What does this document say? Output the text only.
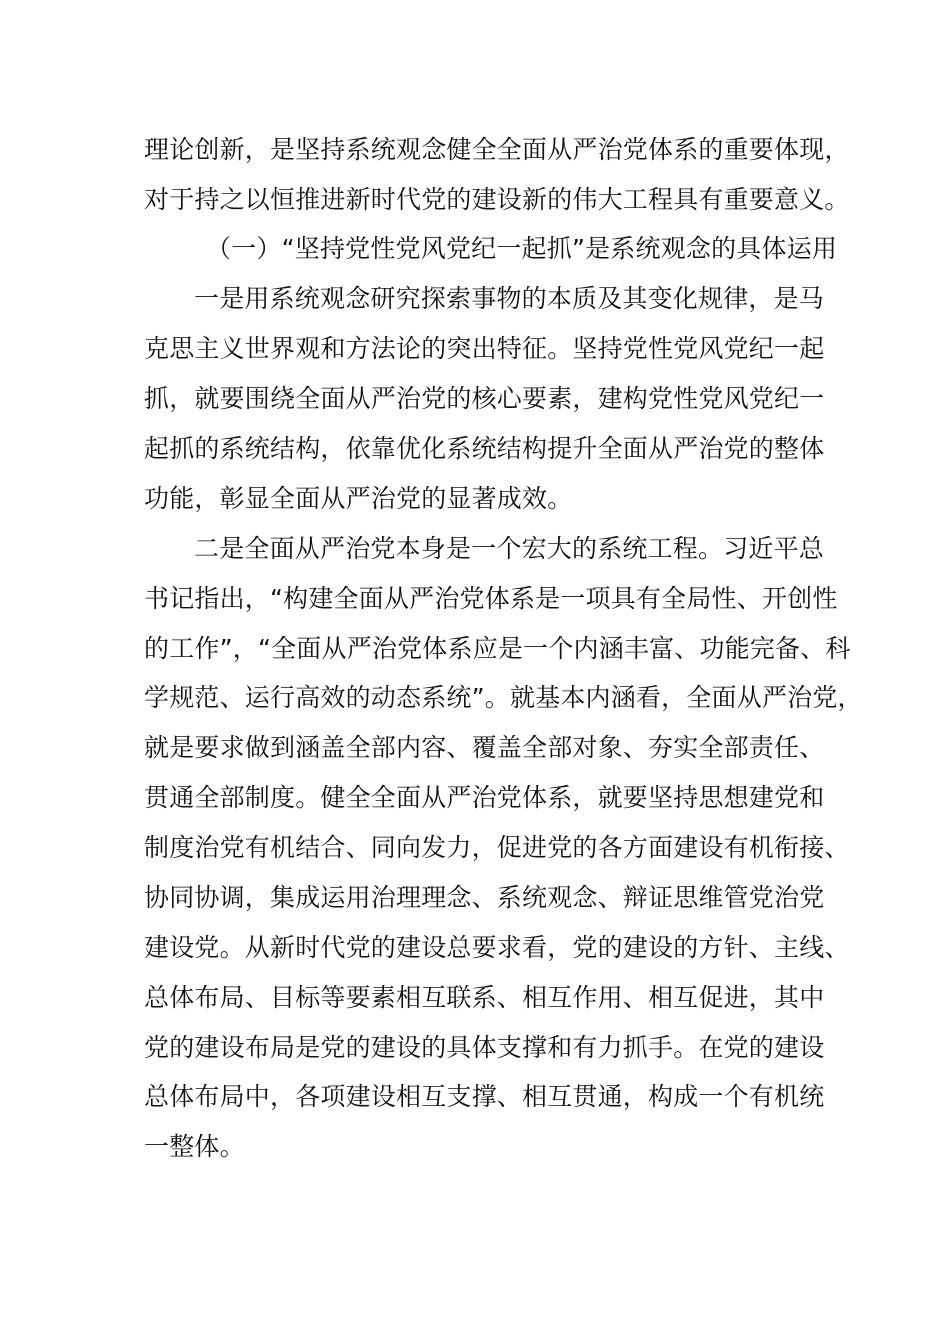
理论创新，是坚持系统观念健全全面从严治党体系的重要体现，

对于持之以恒推进新时代党的建设新的伟大工程具有重要意义。

（一）“坚持党性党风党纪一起抓”是系统观念的具体运用

一是用系统观念研究探索事物的本质及其变化规律，是马

克思主义世界观和方法论的突出特征。坚持党性党风党纪一起

抓，就要围绕全面从严治党的核心要素，建构党性党风党纪一

起抓的系统结构，依靠优化系统结构提升全面从严治党的整体

功能，彰显全面从严治党的显著成效。

二是全面从严治党本身是一个宏大的系统工程。习近平总

书记指出，“构建全面从严治党体系是一项具有全局性、开创性

的工作”，“全面从严治党体系应是一个内涵丰富、功能完备、科

学规范、运行高效的动态系统”。就基本内涵看，全面从严治党，

就是要求做到涵盖全部内容、覆盖全部对象、夯实全部责任、

贯通全部制度。健全全面从严治党体系，就要坚持思想建党和

制度治党有机结合、同向发力，促进党的各方面建设有机衔接、

协同协调，集成运用治理理念、系统观念、辩证思维管党治党

建设党。从新时代党的建设总要求看，党的建设的方针、主线、

总体布局、目标等要素相互联系、相互作用、相互促进，其中

党的建设布局是党的建设的具体支撑和有力抓手。在党的建设

总体布局中，各项建设相互支撑、相互贯通，构成一个有机统

一整体。
